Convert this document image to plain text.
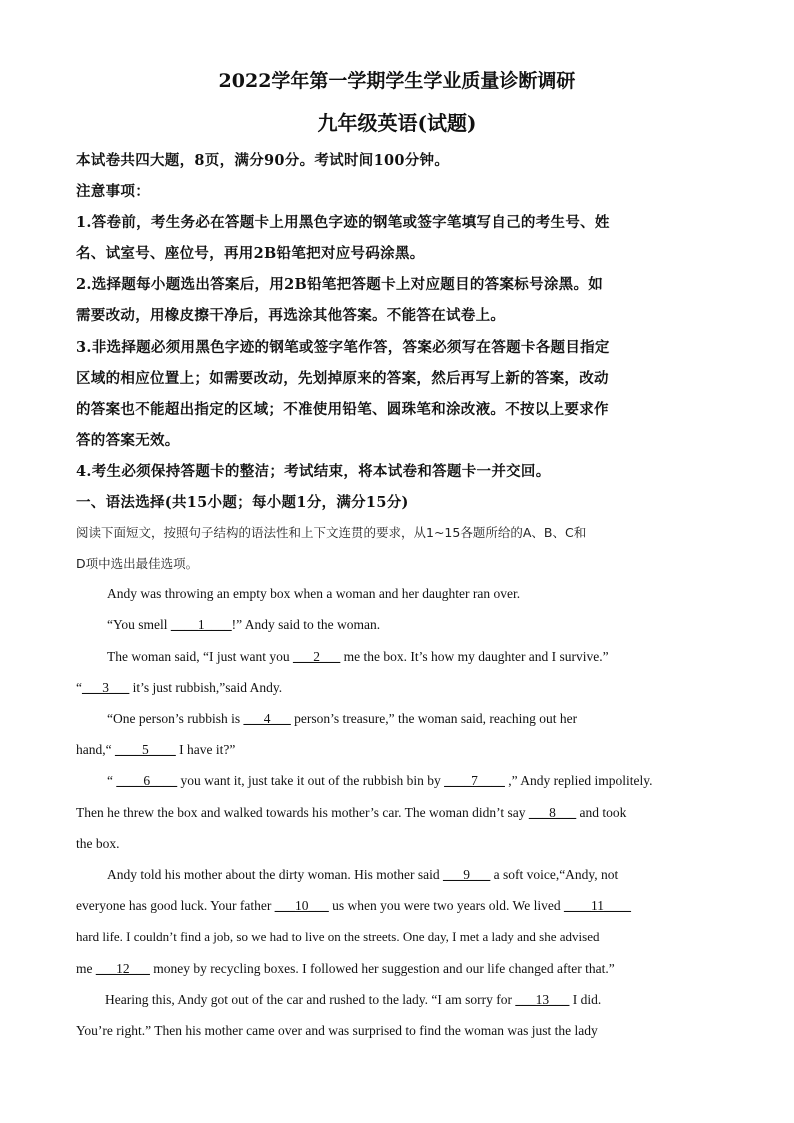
2022学年第一学期学生学业质量诊断调研
九年级英语(试题)
本试卷共四大题，8页，满分90分。考试时间100分钟。
注意事项：
1.答卷前，考生务必在答题卡上用黑色字迹的钢笔或签字笔填写自己的考生号、姓
名、试室号、座位号，再用2B铅笔把对应号码涂黑。
2.选择题每小题选出答案后，用2B铅笔把答题卡上对应题目的答案标号涂黑。如
需要改动，用橡皮擦干净后，再选涂其他答案。不能答在试卷上。
3.非选择题必须用黑色字迹的钢笔或签字笔作答，答案必须写在答题卡各题目指定
区域的相应位置上；如需要改动，先划掉原来的答案，然后再写上新的答案，改动
的答案也不能超出指定的区域；不准使用铅笔、圆珠笔和涂改液。不按以上要求作
答的答案无效。
4.考生必须保持答题卡的整洁；考试结束，将本试卷和答题卡一并交回。
一、语法选择(共15小题；每小题1分，满分15分)
阅读下面短文，按照句子结构的语法性和上下文连贯的要求，从1~15各题所给的A、B、C和
D项中选出最佳选项。
Andy was throwing an empty box when a woman and her daughter ran over.
“You smell ____1____!” Andy said to the woman.
The woman said, “I just want you ___2___ me the box. It’s how my daughter and I survive.”
“___3___ it’s just rubbish,”said Andy.
“One person’s rubbish is ___4___ person’s treasure,” the woman said, reaching out her
hand,“ ____5____ I have it?”
“ ____6____ you want it, just take it out of the rubbish bin by ____7____ ,” Andy replied impolitely.
Then he threw the box and walked towards his mother’s car. The woman didn’t say ___8___ and took
the box.
Andy told his mother about the dirty woman. His mother said ___9___ a soft voice,“Andy, not
everyone has good luck. Your father ___10___ us when you were two years old. We lived ____11____
hard life. I couldn’t find a job, so we had to live on the streets. One day, I met a lady and she advised
me ___12___ money by recycling boxes. I followed her suggestion and our life changed after that.”
Hearing this, Andy got out of the car and rushed to the lady. “I am sorry for ___13___ I did.
You’re right.” Then his mother came over and was surprised to find the woman was just the lady
